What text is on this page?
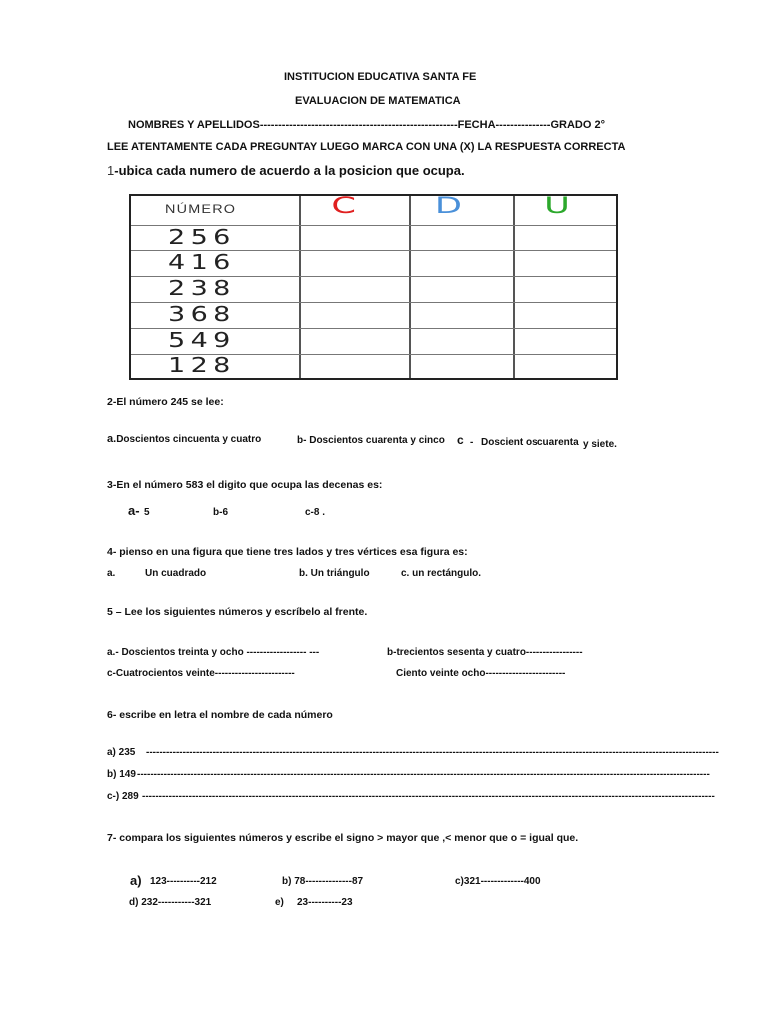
INSTITUCION EDUCATIVA SANTA FE
EVALUACION DE MATEMATICA
NOMBRES Y APELLIDOS------------------------------------------------------FECHA---------------GRADO 2°
LEE ATENTAMENTE CADA PREGUNTAY LUEGO MARCA CON UNA (X) LA RESPUESTA CORRECTA
1-ubica cada numero de acuerdo a la posicion que ocupa.
NÚMERO	C	D	U
256
416
238
368
549
128
2-El número 245 se lee:
a.Doscientos cincuenta y cuatro	b- Doscientos cuarenta y cinco c - Doscient os cuarenta y siete.
3-En el número 583 el digito que ocupa las decenas es:
a- 5	b-6	c-8 .
4- pienso en una figura que tiene tres lados y tres vértices esa figura es:
a.	Un cuadrado	b. Un triángulo	c. un rectángulo.
5 – Lee los siguientes números y escríbelo al frente.
a.- Doscientos treinta y ocho ------------------ ---	b-trecientos sesenta y cuatro-----------------
c-Cuatrocientos veinte------------------------	Ciento veinte ocho------------------------
6- escribe en letra el nombre de cada número
a) 235 ----------------------------------------------------------------------------------------------------------------------------------------------------------------------------
b) 149 ----------------------------------------------------------------------------------------------------------------------------------------------------------------------------
c-) 289 ----------------------------------------------------------------------------------------------------------------------------------------------------------------------------
7- compara los siguientes números y escribe el signo > mayor que ,< menor que o = igual que.
a) 123----------212	b) 78--------------87	c)321-------------400
d) 232-----------321	e) 23----------23
